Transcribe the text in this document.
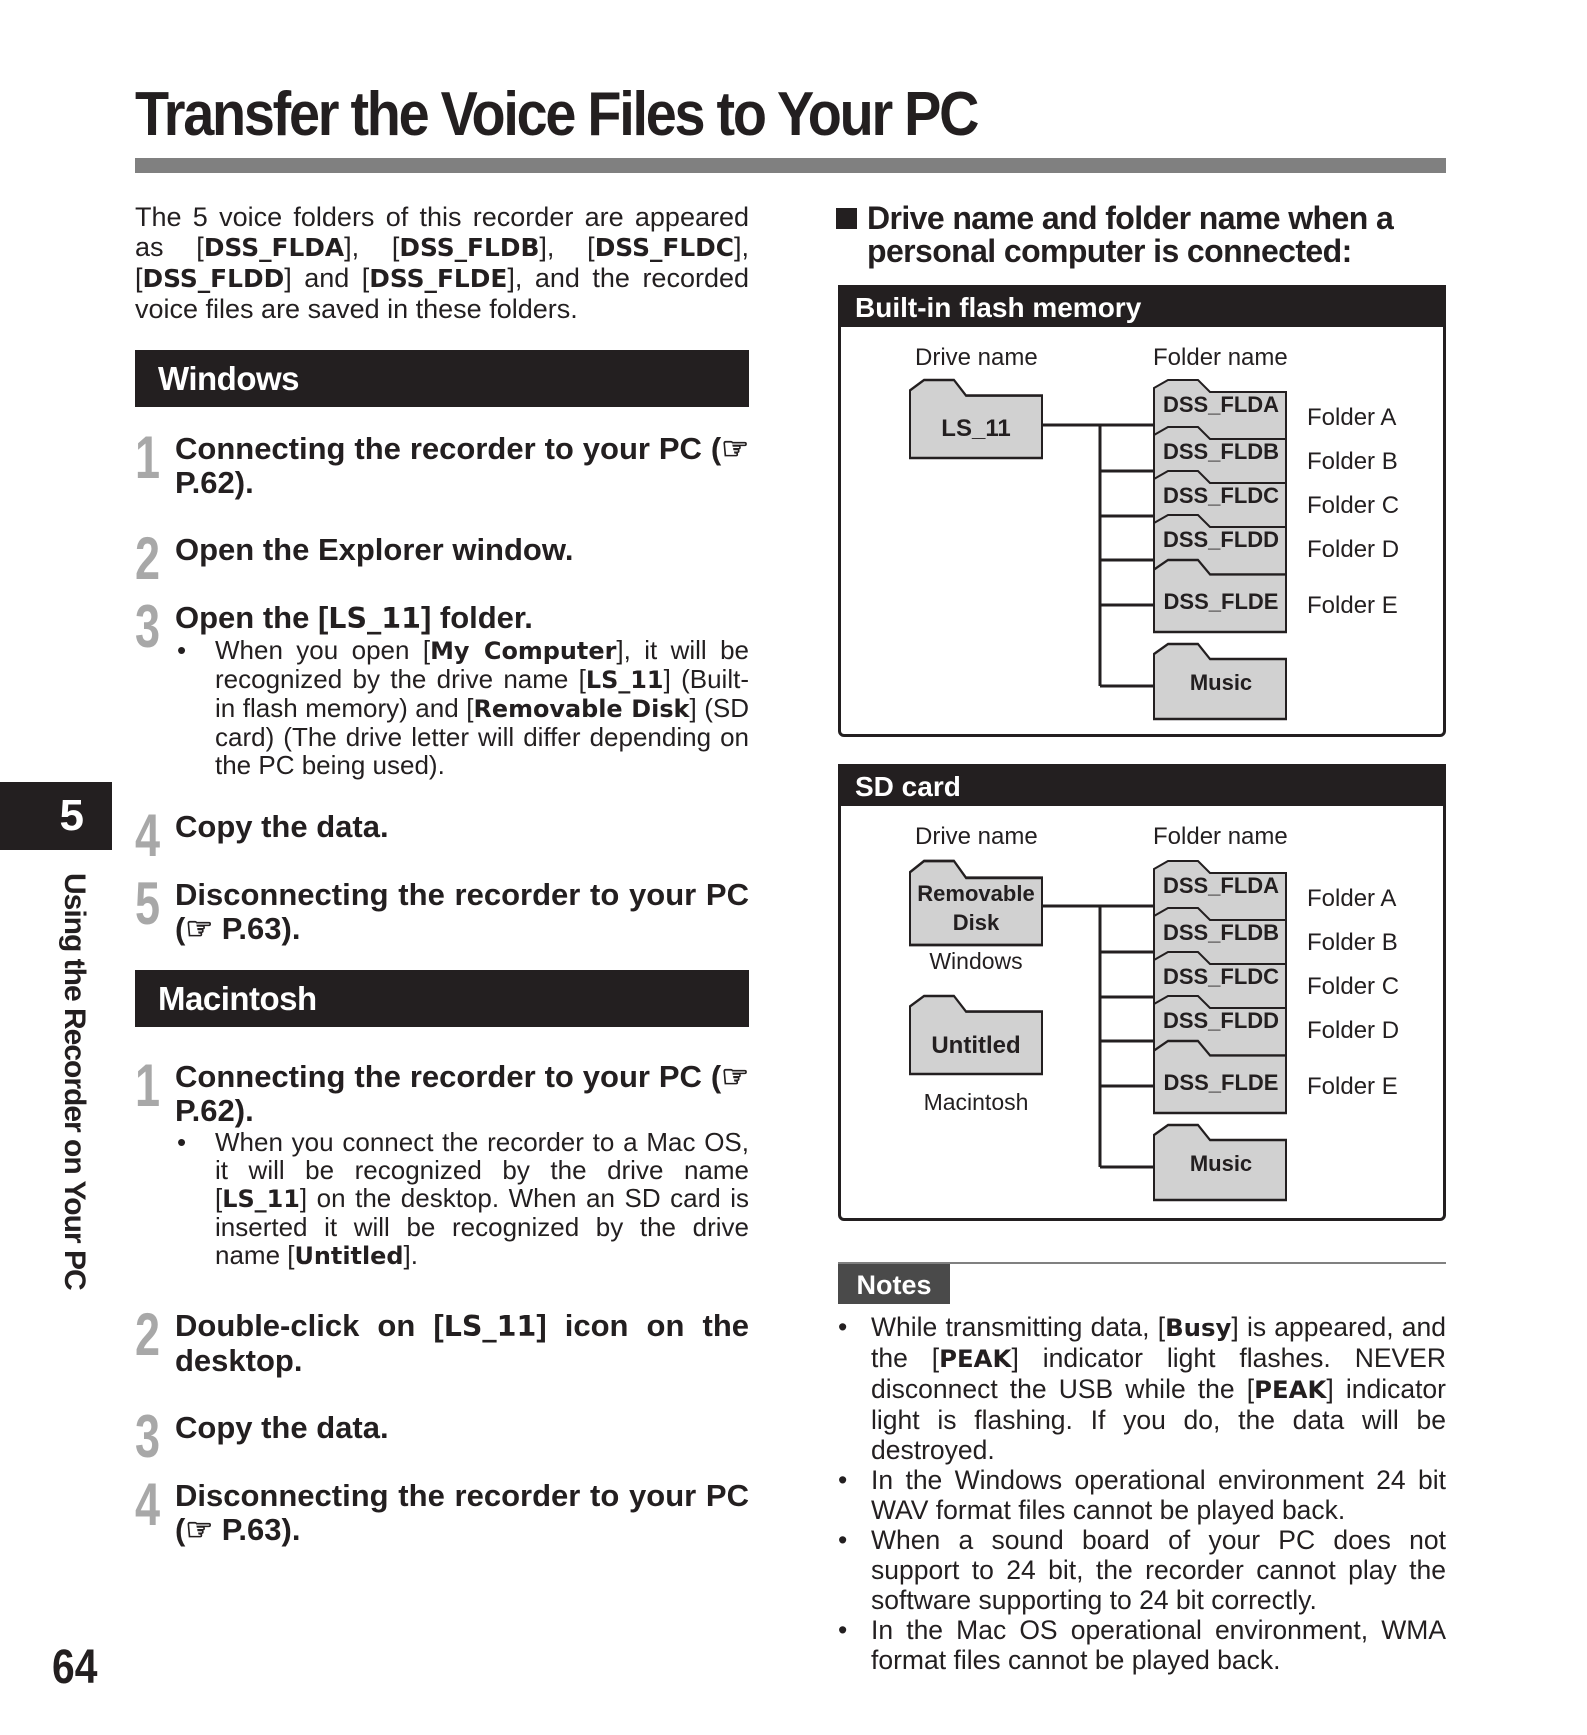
Transfer the Voice Files to Your PC
The 5 voice folders of this recorder are appeared as [DSS_FLDA], [DSS_FLDB], [DSS_FLDC], [DSS_FLDD] and [DSS_FLDE], and the recorded voice files are saved in these folders.
Windows
1 Connecting the recorder to your PC (☞ P.62).
2 Open the Explorer window.
3 Open the [LS_11] folder.
• When you open [My Computer], it will be recognized by the drive name [LS_11] (Built-in flash memory) and [Removable Disk] (SD card) (The drive letter will differ depending on the PC being used).
4 Copy the data.
5 Disconnecting the recorder to your PC (☞ P.63).
Macintosh
1 Connecting the recorder to your PC (☞ P.62).
• When you connect the recorder to a Mac OS, it will be recognized by the drive name [LS_11] on the desktop. When an SD card is inserted it will be recognized by the drive name [Untitled].
2 Double-click on [LS_11] icon on the desktop.
3 Copy the data.
4 Disconnecting the recorder to your PC (☞ P.63).
5
Using the Recorder on Your PC
64
Drive name and folder name when a
personal computer is connected:
Built-in flash memory
Drive name	Folder name
LS_11
DSS_FLDA
DSS_FLDB
DSS_FLDC
DSS_FLDD
DSS_FLDE
Music
Folder A
Folder B
Folder C
Folder D
Folder E
SD card
Drive name	Folder name
Removable
Disk
Windows
Untitled
Macintosh
DSS_FLDA
DSS_FLDB
DSS_FLDC
DSS_FLDD
DSS_FLDE
Music
Folder A
Folder B
Folder C
Folder D
Folder E
Notes
• While transmitting data, [Busy] is appeared, and the [PEAK] indicator light flashes. NEVER disconnect the USB while the [PEAK] indicator light is flashing. If you do, the data will be destroyed.
• In the Windows operational environment 24 bit WAV format files cannot be played back.
• When a sound board of your PC does not support to 24 bit, the recorder cannot play the software supporting to 24 bit correctly.
• In the Mac OS operational environment, WMA format files cannot be played back.
